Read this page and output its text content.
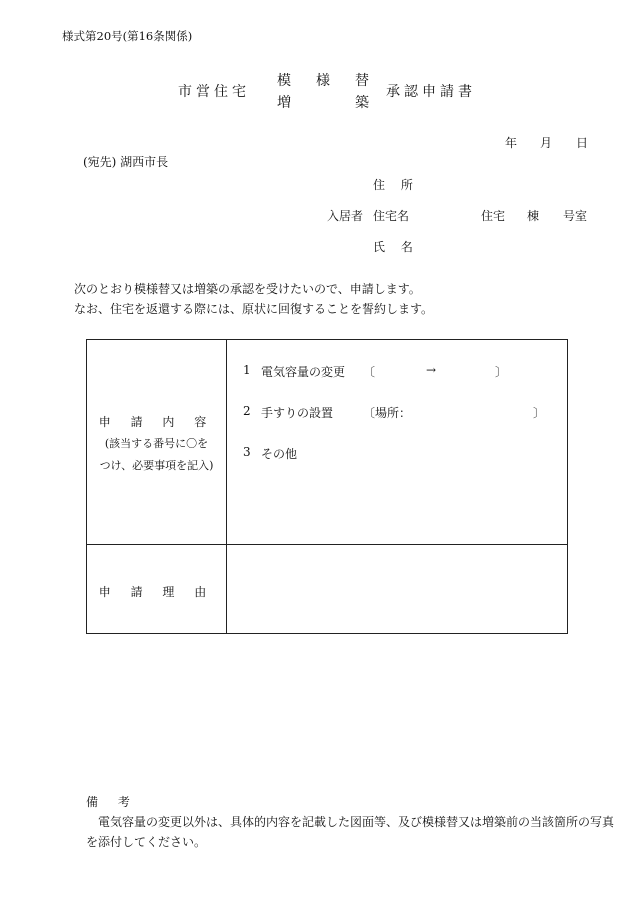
様式第20号(第16条関係)
市営住宅
模 様 替
増	築
承認申請書
年 月 日
(宛先) 湖西市長
住 所
入居者 住宅名	住宅 棟 号室
氏 名
次のとおり模様替又は増築の承認を受けたいので、申請します。
なお、住宅を返還する際には、原状に回復することを誓約します。
申 請 内 容
(該当する番号に〇を
つけ、必要事項を記入)
1 電気容量の変更 〔	→	〕
2 手すりの設置 〔場所：	〕
3 その他
申 請 理 由
備 考
電気容量の変更以外は、具体的内容を記載した図面等、及び模様替又は増築前の当該箇所の写真
を添付してください。
